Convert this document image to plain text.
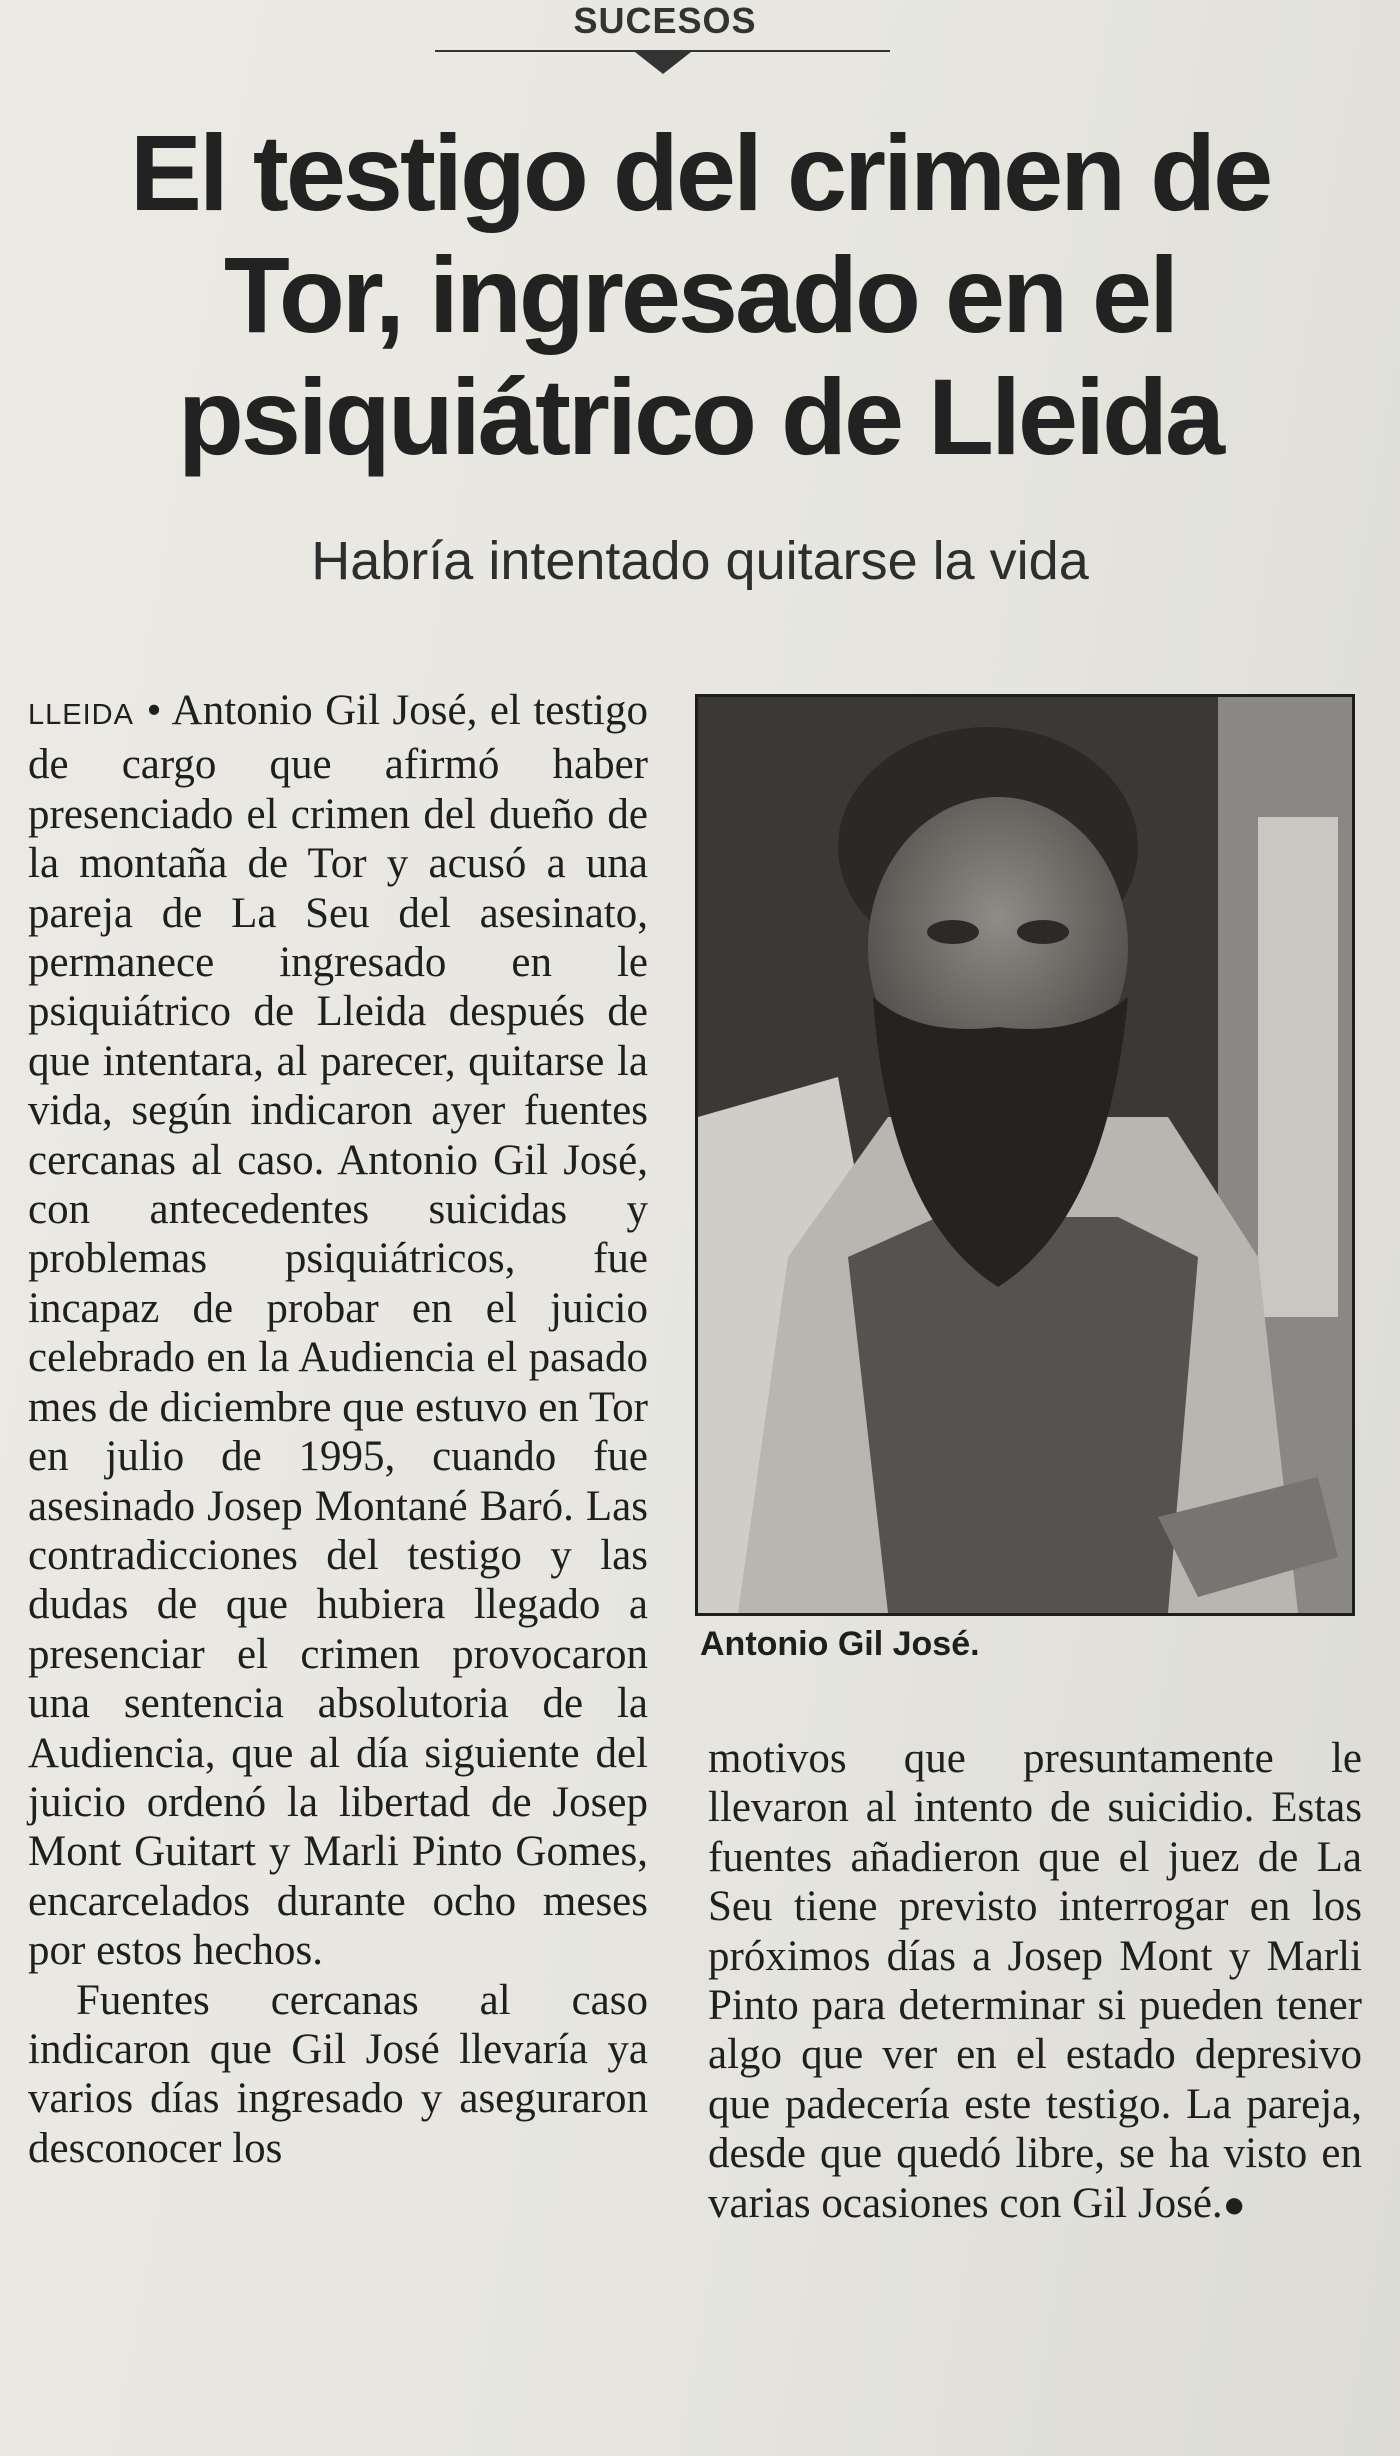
SUCESOS
El testigo del crimen de
Tor, ingresado en el
psiquiátrico de Lleida
Habría intentado quitarse la vida

LLEIDA • Antonio Gil José, el testigo de cargo que afirmó haber presenciado el crimen del dueño de la montaña de Tor y acusó a una pareja de La Seu del asesinato, permanece ingresado en le psiquiátrico de Lleida después de que intentara, al parecer, quitarse la vida, según indicaron ayer fuentes cercanas al caso. Antonio Gil José, con antecedentes suicidas y problemas psiquiátricos, fue incapaz de probar en el juicio celebrado en la Audiencia el pasado mes de diciembre que estuvo en Tor en julio de 1995, cuando fue asesinado Josep Montané Baró. Las contradicciones del testigo y las dudas de que hubiera llegado a presenciar el crimen provocaron una sentencia absolutoria de la Audiencia, que al día siguiente del juicio ordenó la libertad de Josep Mont Guitart y Marli Pinto Gomes, encarcelados durante ocho meses por estos hechos.

Fuentes cercanas al caso indicaron que Gil José llevaría ya varios días ingresado y aseguraron desconocer los

Antonio Gil José.

motivos que presuntamente le llevaron al intento de suicidio. Estas fuentes añadieron que el juez de La Seu tiene previsto interrogar en los próximos días a Josep Mont y Marli Pinto para determinar si pueden tener algo que ver en el estado depresivo que padecería este testigo. La pareja, desde que quedó libre, se ha visto en varias ocasiones con Gil José.●
